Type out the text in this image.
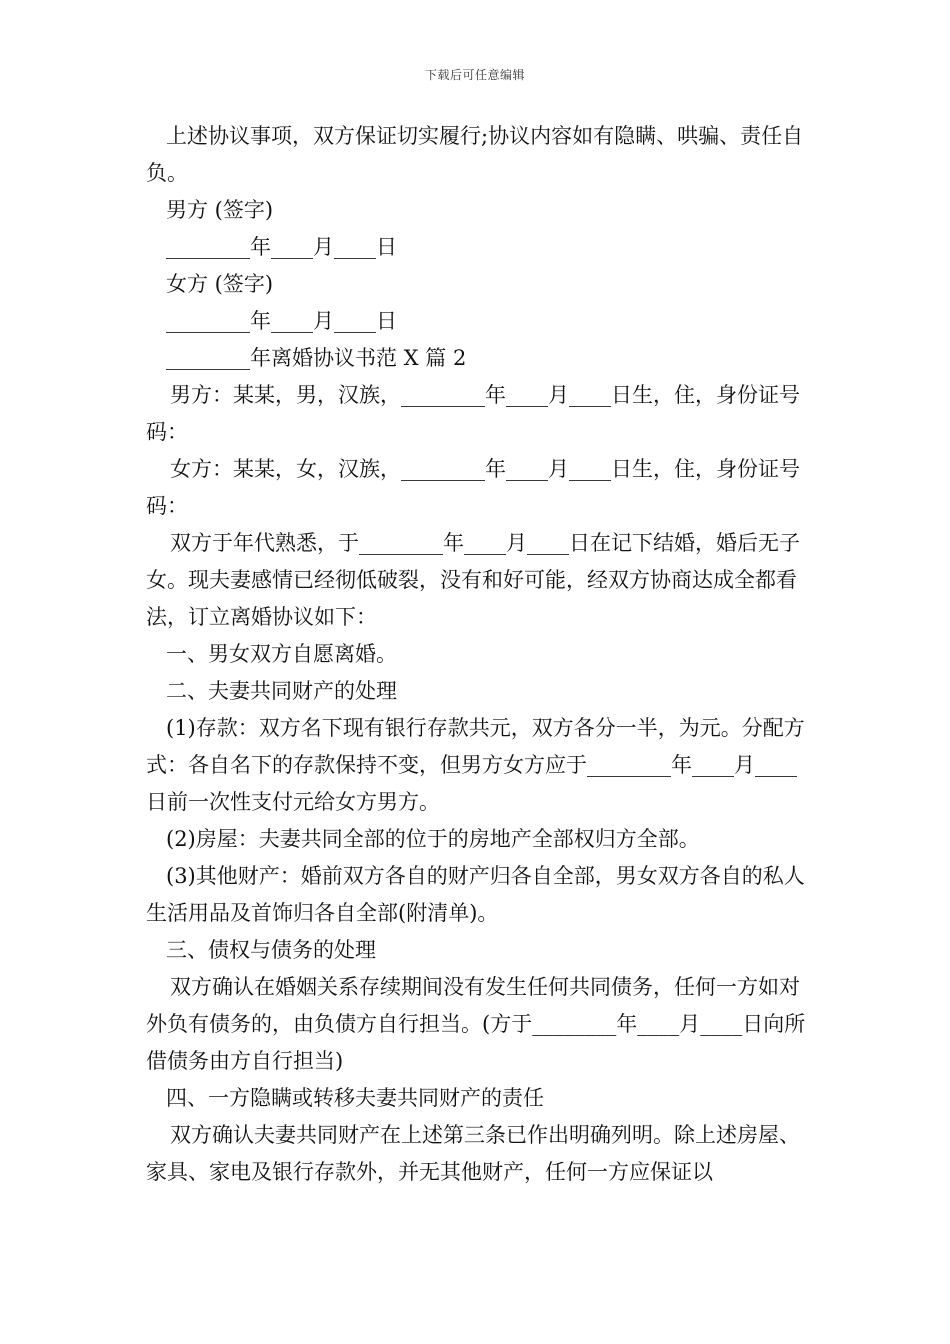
下载后可任意编辑

上述协议事项，双方保证切实履行;协议内容如有隐瞒、哄骗、责任自负。

男方 (签字)

________年____月____日

女方 (签字)

________年____月____日

________年离婚协议书范 X 篇 2

男方：某某，男，汉族，________年____月____日生，住，身份证号码：

女方：某某，女，汉族，________年____月____日生，住，身份证号码：

双方于年代熟悉，于________年____月____日在记下结婚，婚后无子女。现夫妻感情已经彻低破裂，没有和好可能，经双方协商达成全都看法，订立离婚协议如下：

一、男女双方自愿离婚。

二、夫妻共同财产的处理

(1)存款：双方名下现有银行存款共元，双方各分一半，为元。分配方式：各自名下的存款保持不变，但男方女方应于________年____月____日前一次性支付元给女方男方。

(2)房屋：夫妻共同全部的位于的房地产全部权归方全部。

(3)其他财产：婚前双方各自的财产归各自全部，男女双方各自的私人生活用品及首饰归各自全部(附清单)。

三、债权与债务的处理

双方确认在婚姻关系存续期间没有发生任何共同债务，任何一方如对外负有债务的，由负债方自行担当。(方于________年____月____日向所借债务由方自行担当)

四、一方隐瞒或转移夫妻共同财产的责任

双方确认夫妻共同财产在上述第三条已作出明确列明。除上述房屋、家具、家电及银行存款外，并无其他财产，任何一方应保证以
